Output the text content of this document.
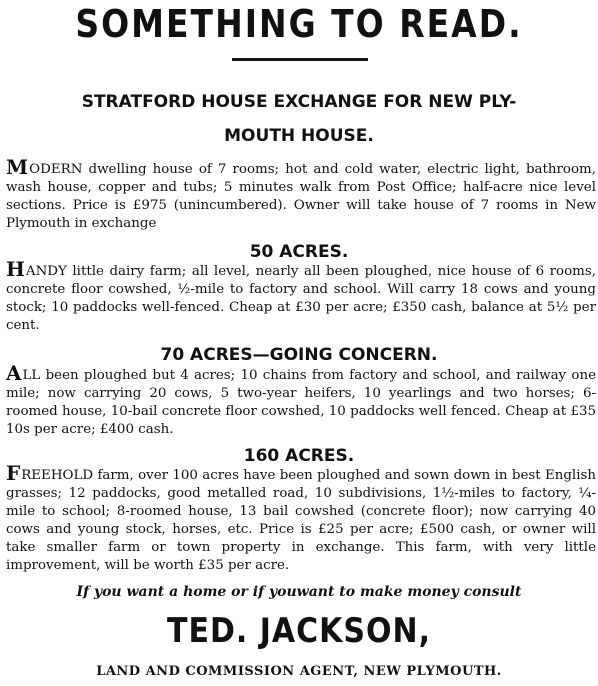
SOMETHING TO READ.
STRATFORD HOUSE EXCHANGE FOR NEW PLY-
MOUTH HOUSE.
MODERN dwelling house of 7 rooms; hot and cold water, electric light, bathroom, wash house, copper and tubs; 5 minutes walk from Post Office; half-acre nice level sections. Price is £975 (unincumbered). Owner will take house of 7 rooms in New Plymouth in exchange
50 ACRES.
HANDY little dairy farm; all level, nearly all been ploughed, nice house of 6 rooms, concrete floor cowshed, ½-mile to factory and school. Will carry 18 cows and young stock; 10 paddocks well-fenced. Cheap at £30 per acre; £350 cash, balance at 5½ per cent.
70 ACRES—GOING CONCERN.
ALL been ploughed but 4 acres; 10 chains from factory and school, and railway one mile; now carrying 20 cows, 5 two-year heifers, 10 yearlings and two horses; 6-roomed house, 10-bail concrete floor cowshed, 10 paddocks well fenced. Cheap at £35 10s per acre; £400 cash.
160 ACRES.
FREEHOLD farm, over 100 acres have been ploughed and sown down in best English grasses; 12 paddocks, good metalled road, 10 subdivisions, 1½-miles to factory, ¼-mile to school; 8-roomed house, 13 bail cowshed (concrete floor); now carrying 40 cows and young stock, horses, etc. Price is £25 per acre; £500 cash, or owner will take smaller farm or town property in exchange. This farm, with very little improvement, will be worth £35 per acre.
If you want a home or if youwant to make money consult
TED. JACKSON,
LAND AND COMMISSION AGENT, NEW PLYMOUTH.
